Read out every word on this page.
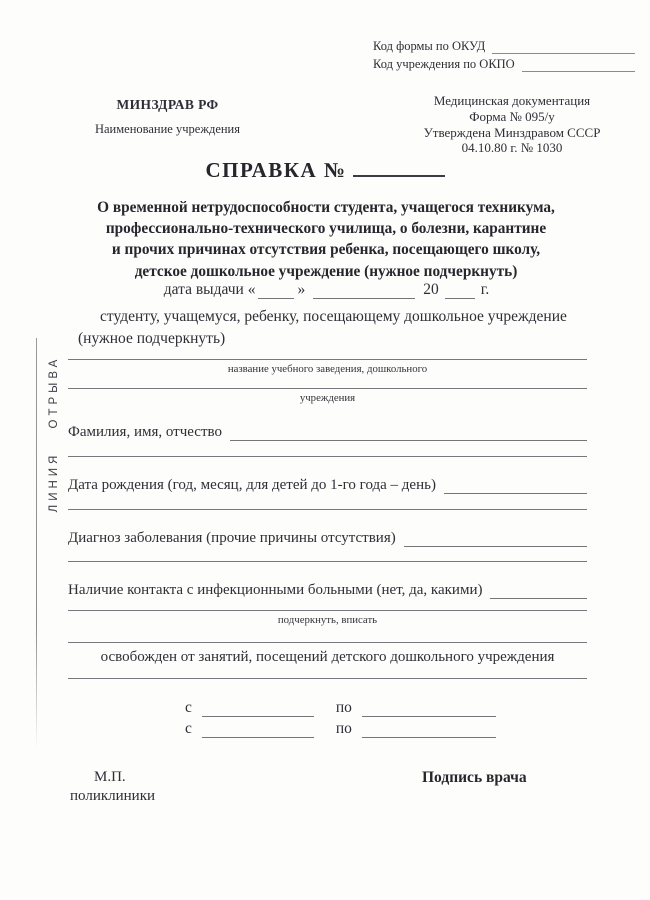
ЛИНИЯ ОТРЫВА
Код формы по ОКУД
Код учреждения по ОКПО
МИНЗДРАВ РФ
Наименование учреждения
Медицинская документация
Форма № 095/у
Утверждена Минздравом СССР
04.10.80 г. № 1030
СПРАВКА №
О временной нетрудоспособности студента, учащегося техникума,
профессионально-технического училища, о болезни, карантине
и прочих причинах отсутствия ребенка, посещающего школу,
детское дошкольное учреждение (нужное подчеркнуть)
дата выдачи
«	»	20	г.
студенту, учащемуся, ребенку, посещающему дошкольное учреждение (нужное подчеркнуть)
название учебного заведения, дошкольного
учреждения
Фамилия, имя, отчество
Дата рождения (год, месяц, для детей до 1-го года – день)
Диагноз заболевания (прочие причины отсутствия)
Наличие контакта с инфекционными больными (нет, да, какими)
подчеркнуть, вписать
освобожден от занятий, посещений детского дошкольного учреждения
с	по
с	по
М.П.
поликлиники
Подпись врача
